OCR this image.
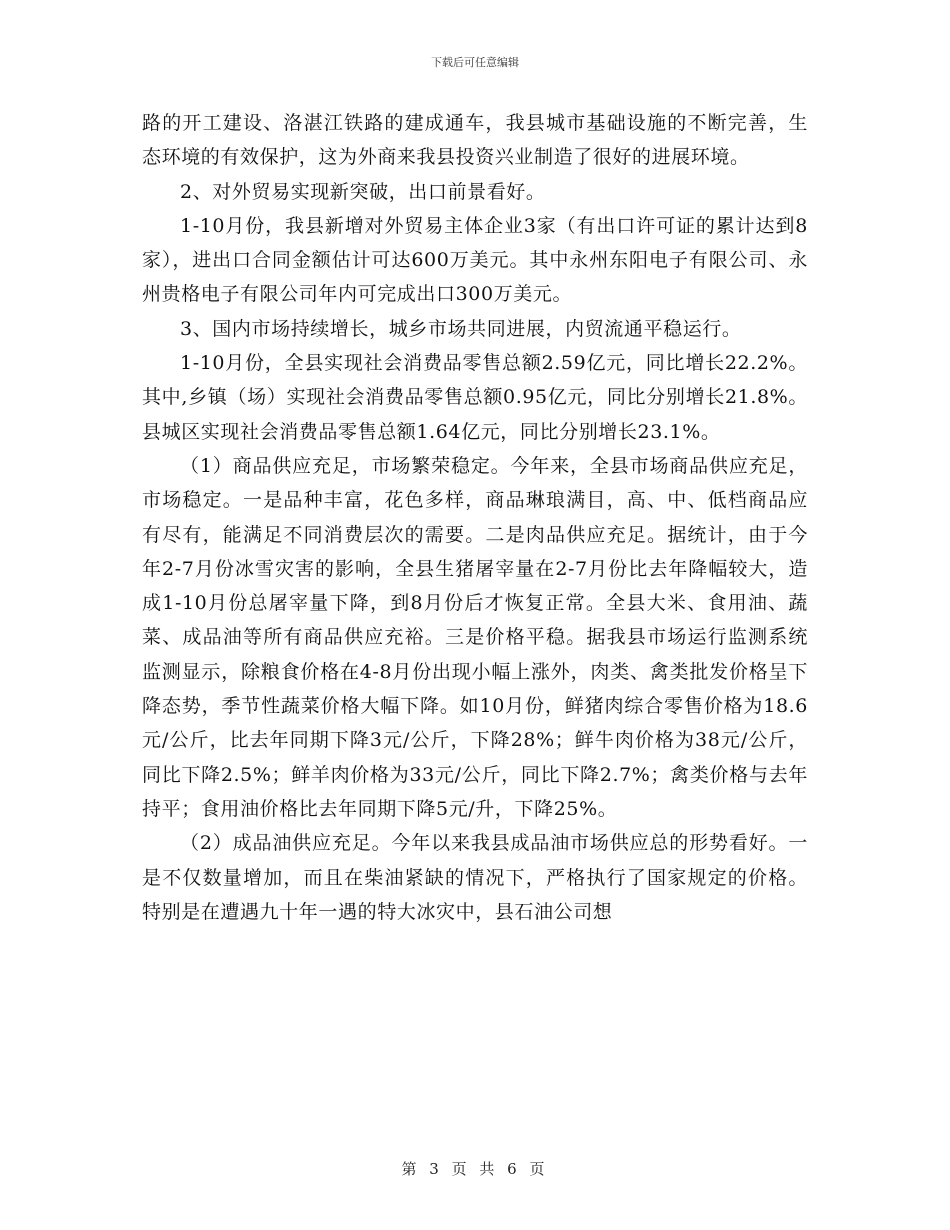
下载后可任意编辑

路的开工建设、洛湛江铁路的建成通车，我县城市基础设施的不断完善，生态环境的有效保护，这为外商来我县投资兴业制造了很好的进展环境。

2、对外贸易实现新突破，出口前景看好。

1-10月份，我县新增对外贸易主体企业3家（有出口许可证的累计达到8家），进出口合同金额估计可达600万美元。其中永州东阳电子有限公司、永州贵格电子有限公司年内可完成出口300万美元。

3、国内市场持续增长，城乡市场共同进展，内贸流通平稳运行。

1-10月份，全县实现社会消费品零售总额2.59亿元，同比增长22.2%。其中,乡镇（场）实现社会消费品零售总额0.95亿元，同比分别增长21.8%。县城区实现社会消费品零售总额1.64亿元，同比分别增长23.1%。

（1）商品供应充足，市场繁荣稳定。今年来，全县市场商品供应充足，市场稳定。一是品种丰富，花色多样，商品琳琅满目，高、中、低档商品应有尽有，能满足不同消费层次的需要。二是肉品供应充足。据统计，由于今年2-7月份冰雪灾害的影响，全县生猪屠宰量在2-7月份比去年降幅较大，造成1-10月份总屠宰量下降，到8月份后才恢复正常。全县大米、食用油、蔬菜、成品油等所有商品供应充裕。三是价格平稳。据我县市场运行监测系统监测显示，除粮食价格在4-8月份出现小幅上涨外，肉类、禽类批发价格呈下降态势，季节性蔬菜价格大幅下降。如10月份，鲜猪肉综合零售价格为18.6元/公斤，比去年同期下降3元/公斤，下降28%；鲜牛肉价格为38元/公斤，同比下降2.5%；鲜羊肉价格为33元/公斤，同比下降2.7%；禽类价格与去年持平；食用油价格比去年同期下降5元/升，下降25%。

（2）成品油供应充足。今年以来我县成品油市场供应总的形势看好。一是不仅数量增加，而且在柴油紧缺的情况下，严格执行了国家规定的价格。特别是在遭遇九十年一遇的特大冰灾中，县石油公司想

第 3 页 共 6 页
